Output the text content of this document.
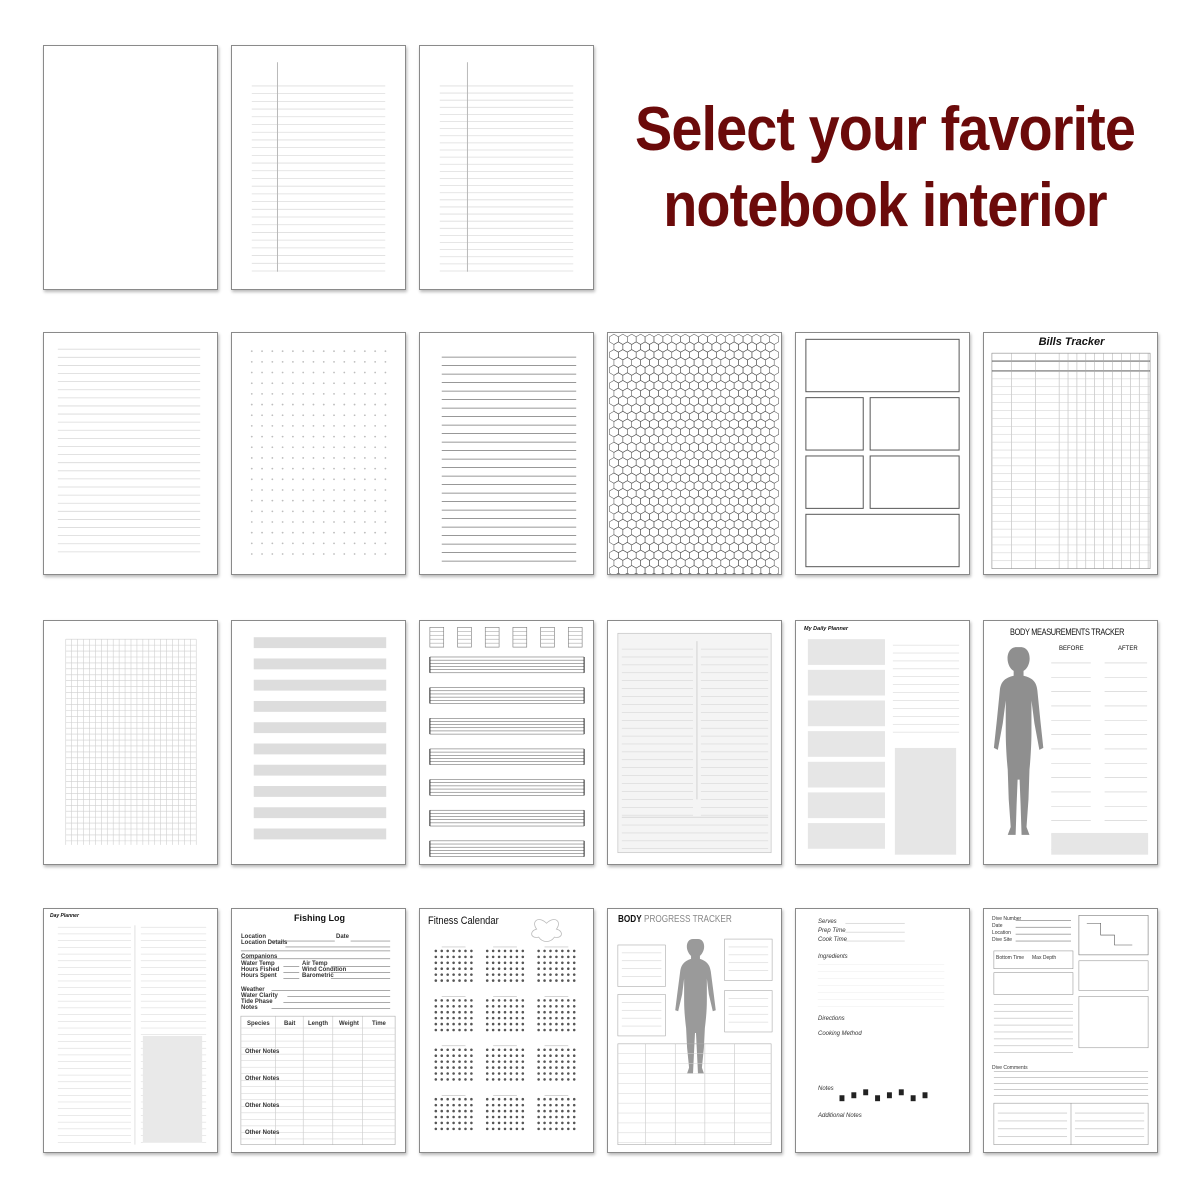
Select your favorite
notebook interior
Bills Tracker
My Daily Planner	BODY MEASUREMENTS TRACKER
BEFORE	AFTER
Day Planner	Fishing Log
Location	Date
Location Details
Companions
Water Temp	Air Temp
Hours Fished	Wind Condition
Hours Spent	Barometric
Weather
Water Clarity
Tide Phase
Notes
Species Bait Length Weight Time
Other Notes
Other Notes
Other Notes
Other Notes
Fitness Calendar	BODY PROGRESS TRACKER	Serves
Prep Time
Cook Time
Ingredients
Directions
Cooking Method
Notes
Additional Notes
Dive Number
Date
Location
Dive Site
Bottom Time Max Depth
Dive Comments
